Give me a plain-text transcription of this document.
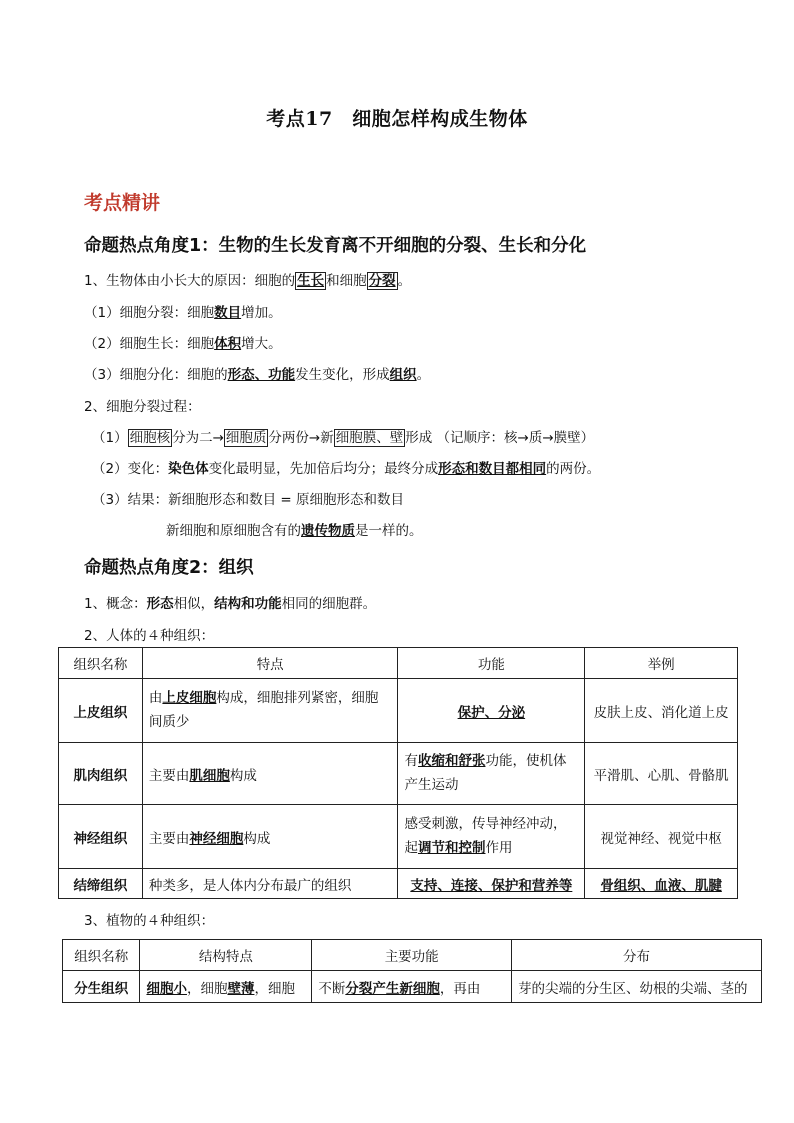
考点17　细胞怎样构成生物体
考点精讲
命题热点角度1：生物的生长发育离不开细胞的分裂、生长和分化
1、生物体由小长大的原因：细胞的 生长 和细胞 分裂 。
（1）细胞分裂：细胞数目增加。
（2）细胞生长：细胞体积增大。
（3）细胞分化：细胞的形态、功能发生变化，形成组织。
2、细胞分裂过程：
（1） 细胞核 分为二→ 细胞质 分两份→新 细胞膜、壁 形成 （记顺序：核→质→膜壁）
（2）变化：染色体变化最明显，先加倍后均分；最终分成形态和数目都相同的两份。
（3）结果：新细胞形态和数目 = 原细胞形态和数目
新细胞和原细胞含有的遗传物质是一样的。
命题热点角度2：组织
1、概念：形态相似，结构和功能相同的细胞群。
2、人体的４种组织：
组织名称	特点	功能	举例
上皮组织	由上皮细胞构成，细胞排列紧密，细胞间质少	保护、分泌	皮肤上皮、消化道上皮
肌肉组织	主要由肌细胞构成	有收缩和舒张功能，使机体产生运动	平滑肌、心肌、骨骼肌
神经组织	主要由神经细胞构成	感受刺激，传导神经冲动，起调节和控制作用	视觉神经、视觉中枢
结缔组织	种类多，是人体内分布最广的组织	支持、连接、保护和营养等	骨组织、血液、肌腱
3、植物的４种组织：
组织名称	结构特点	主要功能	分布
分生组织	细胞小，细胞壁薄，细胞	不断分裂产生新细胞，再由	芽的尖端的分生区、幼根的尖端、茎的
